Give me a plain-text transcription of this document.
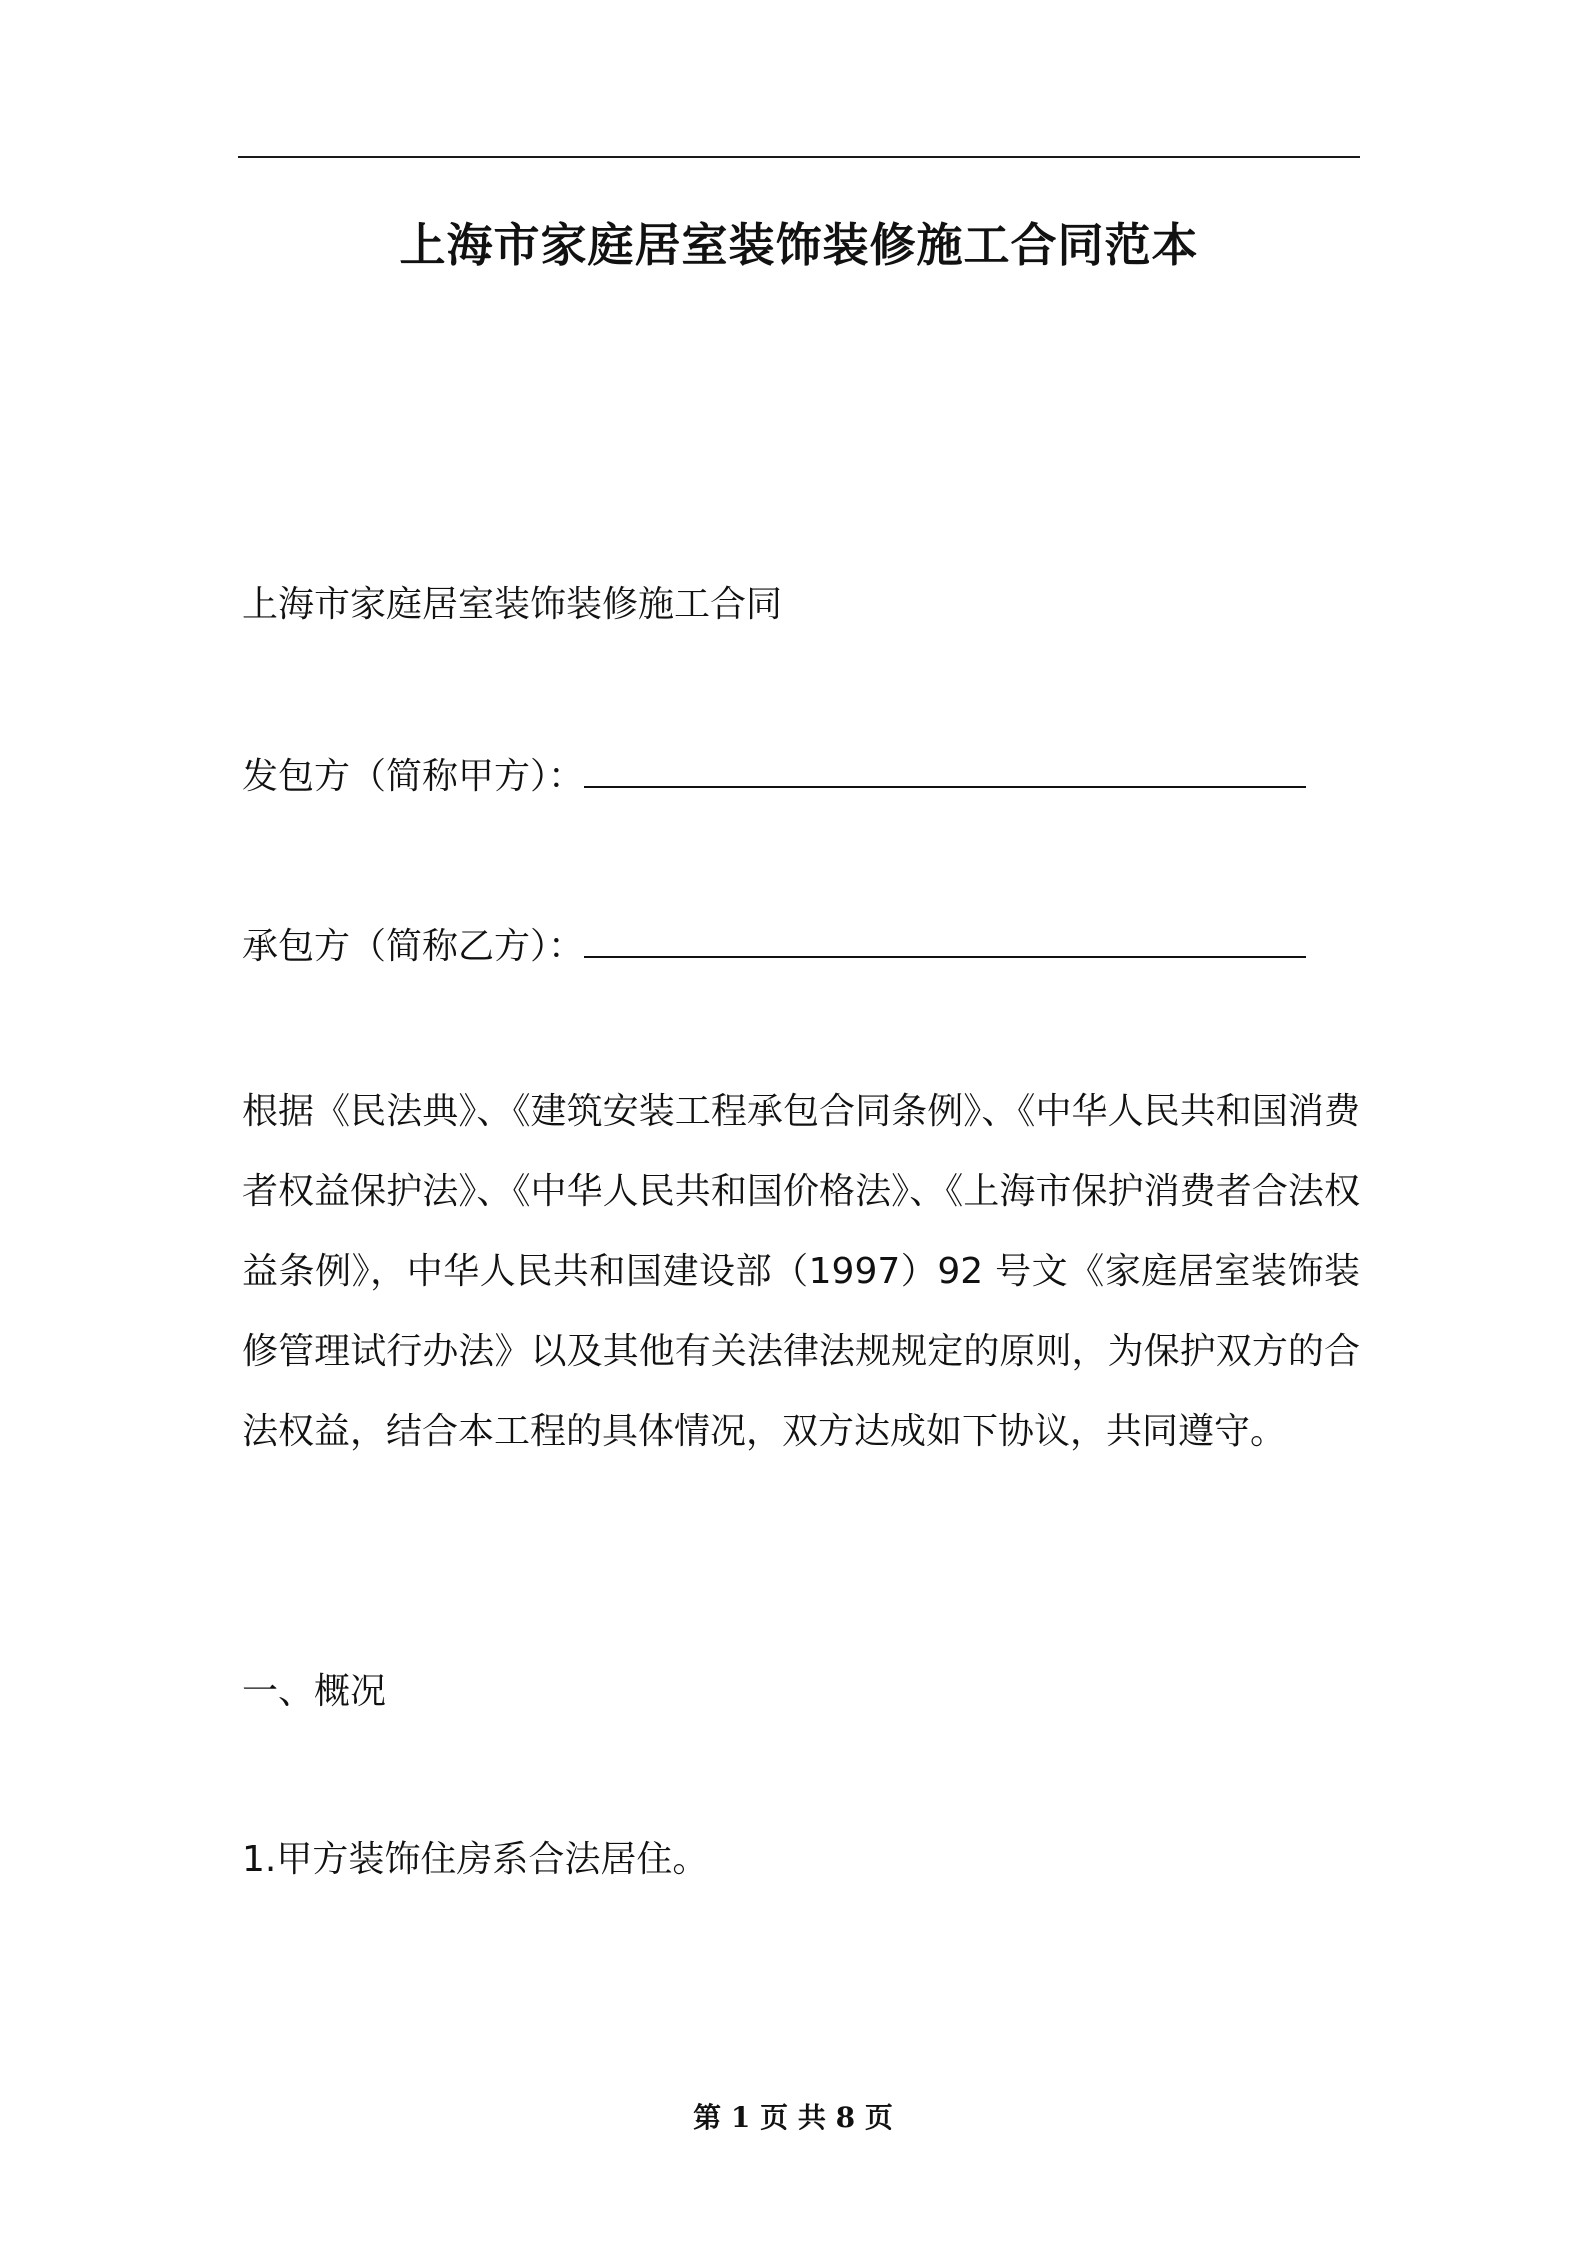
上海市家庭居室装饰装修施工合同范本

上海市家庭居室装饰装修施工合同

发包方（简称甲方）：

承包方（简称乙方）：

根据《民法典》、《建筑安装工程承包合同条例》、《中华人民共和国消费者权益保护法》、《中华人民共和国价格法》、《上海市保护消费者合法权益条例》，中华人民共和国建设部（1997）92 号文《家庭居室装饰装修管理试行办法》以及其他有关法律法规规定的原则，为保护双方的合法权益，结合本工程的具体情况，双方达成如下协议，共同遵守。

一、概况

1.甲方装饰住房系合法居住。

第 1 页 共 8 页
